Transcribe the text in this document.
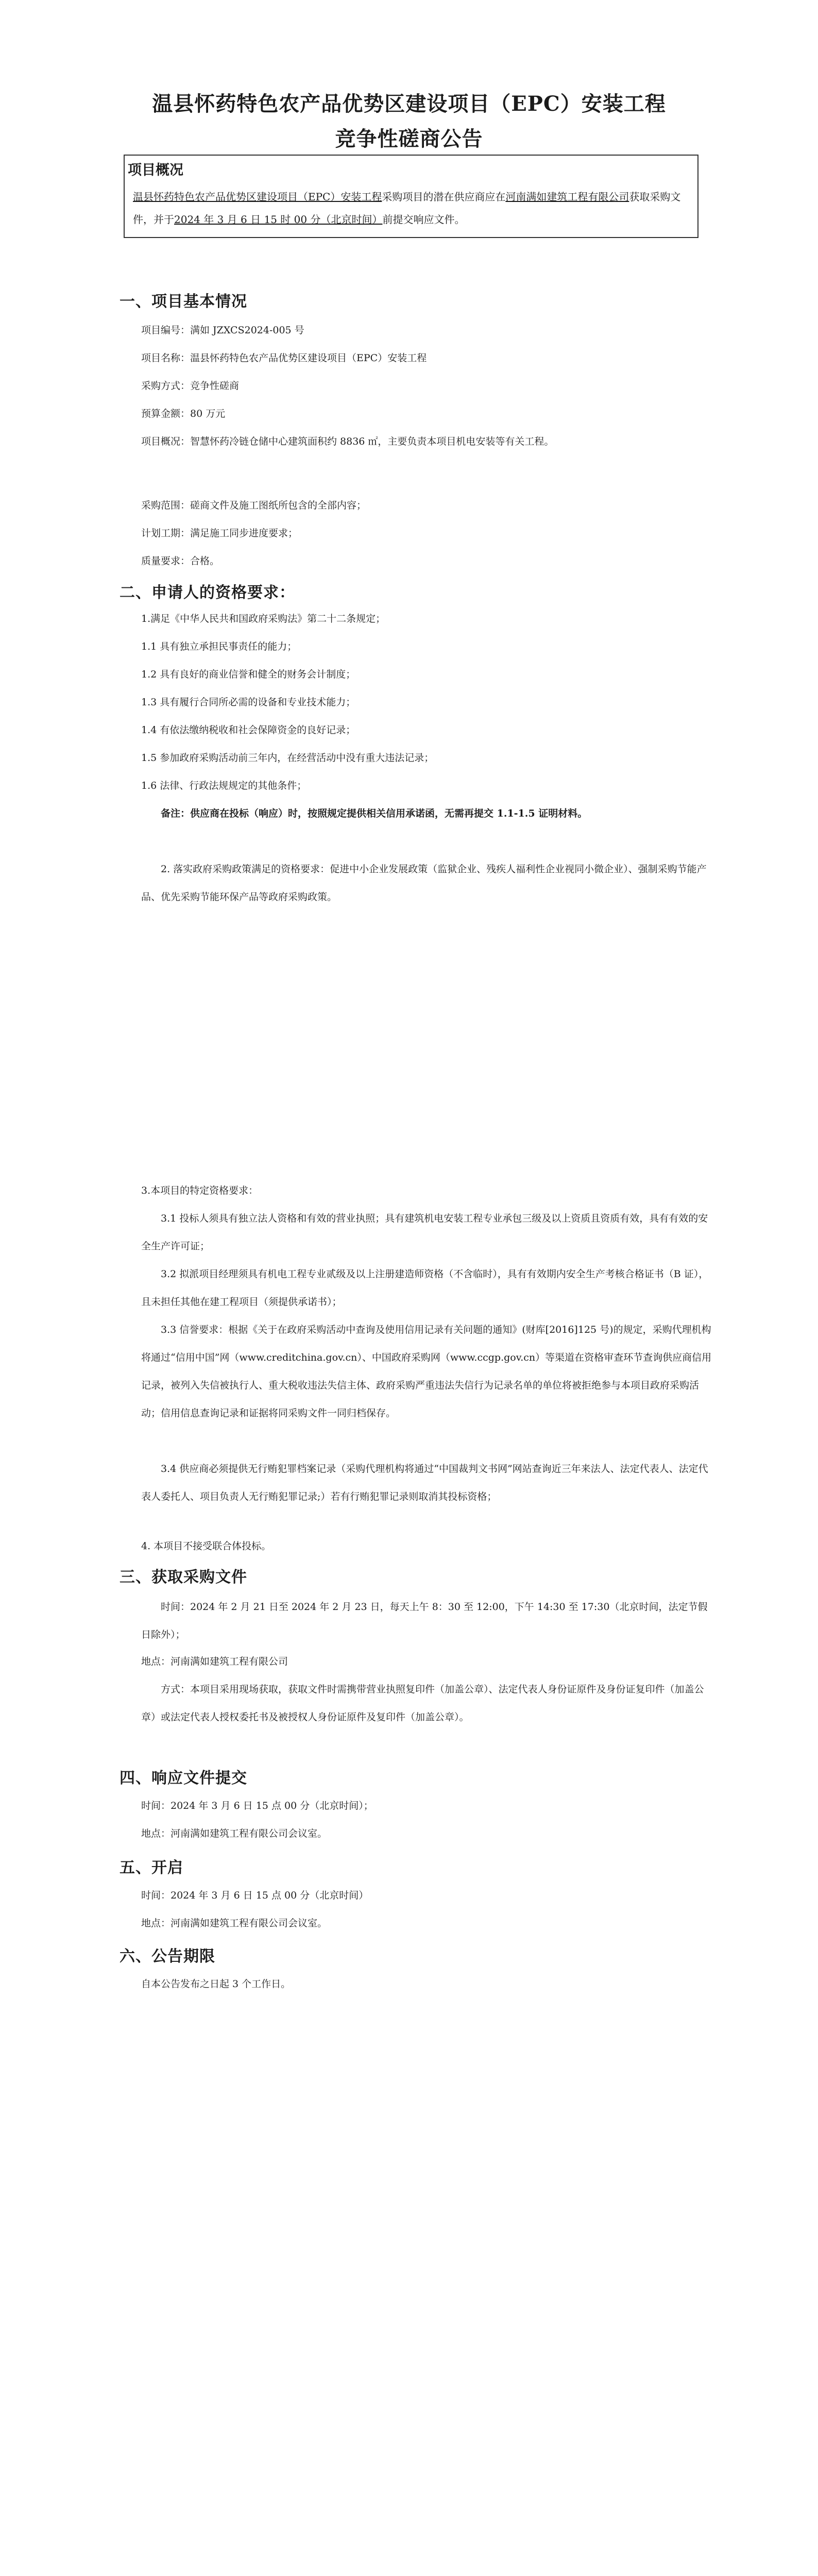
温县怀药特色农产品优势区建设项目（EPC）安装工程
竞争性磋商公告
项目概况
温县怀药特色农产品优势区建设项目（EPC）安装工程采购项目的潜在供应商应在河南满如建筑工程有限公司获取采购文件，并于2024 年 3 月 6 日 15 时 00 分（北京时间）前提交响应文件。
一、项目基本情况
项目编号：满如 JZXCS2024-005 号
项目名称：温县怀药特色农产品优势区建设项目（EPC）安装工程
采购方式：竞争性磋商
预算金额：80 万元
项目概况：智慧怀药冷链仓储中心建筑面积约 8836 ㎡，主要负责本项目机电安装等有关工程。
采购范围：磋商文件及施工图纸所包含的全部内容；
计划工期：满足施工同步进度要求；
质量要求：合格。
二、申请人的资格要求：
1.满足《中华人民共和国政府采购法》第二十二条规定；
1.1 具有独立承担民事责任的能力；
1.2 具有良好的商业信誉和健全的财务会计制度；
1.3 具有履行合同所必需的设备和专业技术能力；
1.4 有依法缴纳税收和社会保障资金的良好记录；
1.5 参加政府采购活动前三年内，在经营活动中没有重大违法记录；
1.6 法律、行政法规规定的其他条件；
备注：供应商在投标（响应）时，按照规定提供相关信用承诺函，无需再提交 1.1-1.5 证明材料。
2. 落实政府采购政策满足的资格要求：促进中小企业发展政策（监狱企业、残疾人福利性企业视同小微企业）、强制采购节能产品、优先采购节能环保产品等政府采购政策。
3.本项目的特定资格要求：
3.1 投标人须具有独立法人资格和有效的营业执照；具有建筑机电安装工程专业承包三级及以上资质且资质有效，具有有效的安全生产许可证；
3.2 拟派项目经理须具有机电工程专业贰级及以上注册建造师资格（不含临时），具有有效期内安全生产考核合格证书（B 证），且未担任其他在建工程项目（须提供承诺书）；
3.3 信誉要求：根据《关于在政府采购活动中查询及使用信用记录有关问题的通知》(财库[2016]125 号)的规定，采购代理机构将通过“信用中国”网（www.creditchina.gov.cn）、中国政府采购网（www.ccgp.gov.cn）等渠道在资格审查环节查询供应商信用记录，被列入失信被执行人、重大税收违法失信主体、政府采购严重违法失信行为记录名单的单位将被拒绝参与本项目政府采购活动；信用信息查询记录和证据将同采购文件一同归档保存。
3.4 供应商必须提供无行贿犯罪档案记录（采购代理机构将通过“中国裁判文书网”网站查询近三年来法人、法定代表人、法定代表人委托人、项目负责人无行贿犯罪记录;）若有行贿犯罪记录则取消其投标资格；
4. 本项目不接受联合体投标。
三、获取采购文件
时间：2024 年 2 月 21 日至 2024 年 2 月 23 日，每天上午 8：30 至 12:00，下午 14:30 至 17:30（北京时间，法定节假日除外）；
地点：河南满如建筑工程有限公司
方式：本项目采用现场获取，获取文件时需携带营业执照复印件（加盖公章）、法定代表人身份证原件及身份证复印件（加盖公章）或法定代表人授权委托书及被授权人身份证原件及复印件（加盖公章）。
四、响应文件提交
时间：2024 年 3 月 6 日 15 点 00 分（北京时间）；
地点：河南满如建筑工程有限公司会议室。
五、开启
时间：2024 年 3 月 6 日 15 点 00 分（北京时间）
地点：河南满如建筑工程有限公司会议室。
六、公告期限
自本公告发布之日起 3 个工作日。
